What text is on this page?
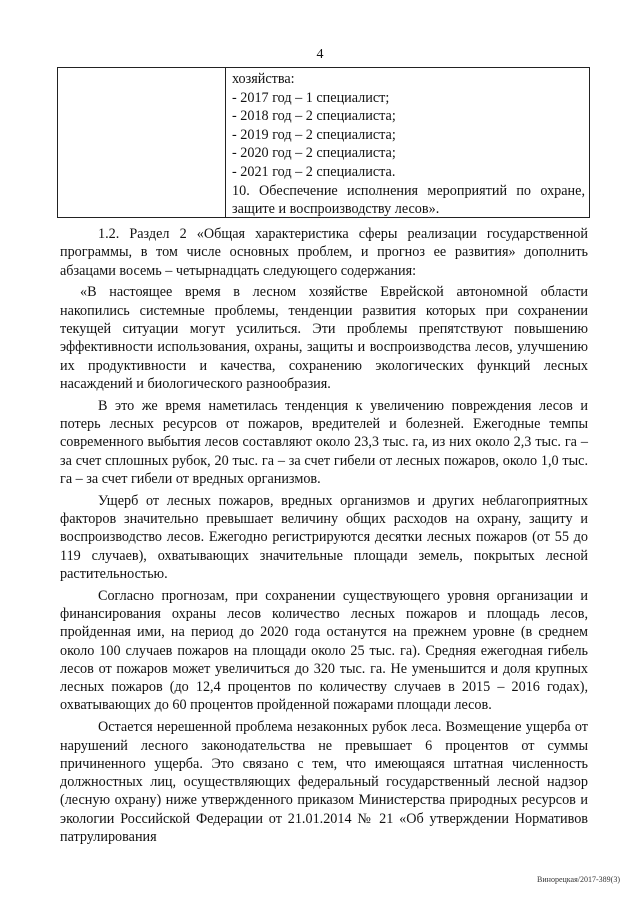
4
хозяйства:
- 2017 год – 1 специалист;
- 2018 год – 2 специалиста;
- 2019 год – 2 специалиста;
- 2020 год – 2 специалиста;
- 2021 год – 2 специалиста.
10. Обеспечение исполнения мероприятий по охране, защите и воспроизводству лесов».

1.2. Раздел 2 «Общая характеристика сферы реализации государственной программы, в том числе основных проблем, и прогноз ее развития» дополнить абзацами восемь – четырнадцать следующего содержания:

«В настоящее время в лесном хозяйстве Еврейской автономной области накопились системные проблемы, тенденции развития которых при сохранении текущей ситуации могут усилиться. Эти проблемы препятствуют повышению эффективности использования, охраны, защиты и воспроизводства лесов, улучшению их продуктивности и качества, сохранению экологических функций лесных насаждений и биологического разнообразия.

В это же время наметилась тенденция к увеличению повреждения лесов и потерь лесных ресурсов от пожаров, вредителей и болезней. Ежегодные темпы современного выбытия лесов составляют около 23,3 тыс. га, из них около 2,3 тыс. га – за счет сплошных рубок, 20 тыс. га – за счет гибели от лесных пожаров, около 1,0 тыс. га – за счет гибели от вредных организмов.

Ущерб от лесных пожаров, вредных организмов и других неблагоприятных факторов значительно превышает величину общих расходов на охрану, защиту и воспроизводство лесов. Ежегодно регистрируются десятки лесных пожаров (от 55 до 119 случаев), охватывающих значительные площади земель, покрытых лесной растительностью.

Согласно прогнозам, при сохранении существующего уровня организации и финансирования охраны лесов количество лесных пожаров и площадь лесов, пройденная ими, на период до 2020 года останутся на прежнем уровне (в среднем около 100 случаев пожаров на площади около 25 тыс. га). Средняя ежегодная гибель лесов от пожаров может увеличиться до 320 тыс. га. Не уменьшится и доля крупных лесных пожаров (до 12,4 процентов по количеству случаев в 2015 – 2016 годах), охватывающих до 60 процентов пройденной пожарами площади лесов.

Остается нерешенной проблема незаконных рубок леса. Возмещение ущерба от нарушений лесного законодательства не превышает 6 процентов от суммы причиненного ущерба. Это связано с тем, что имеющаяся штатная численность должностных лиц, осуществляющих федеральный государственный лесной надзор (лесную охрану) ниже утвержденного приказом Министерства природных ресурсов и экологии Российской Федерации от 21.01.2014 № 21 «Об утверждении Нормативов патрулирования

Винорецкая/2017-389(3)
